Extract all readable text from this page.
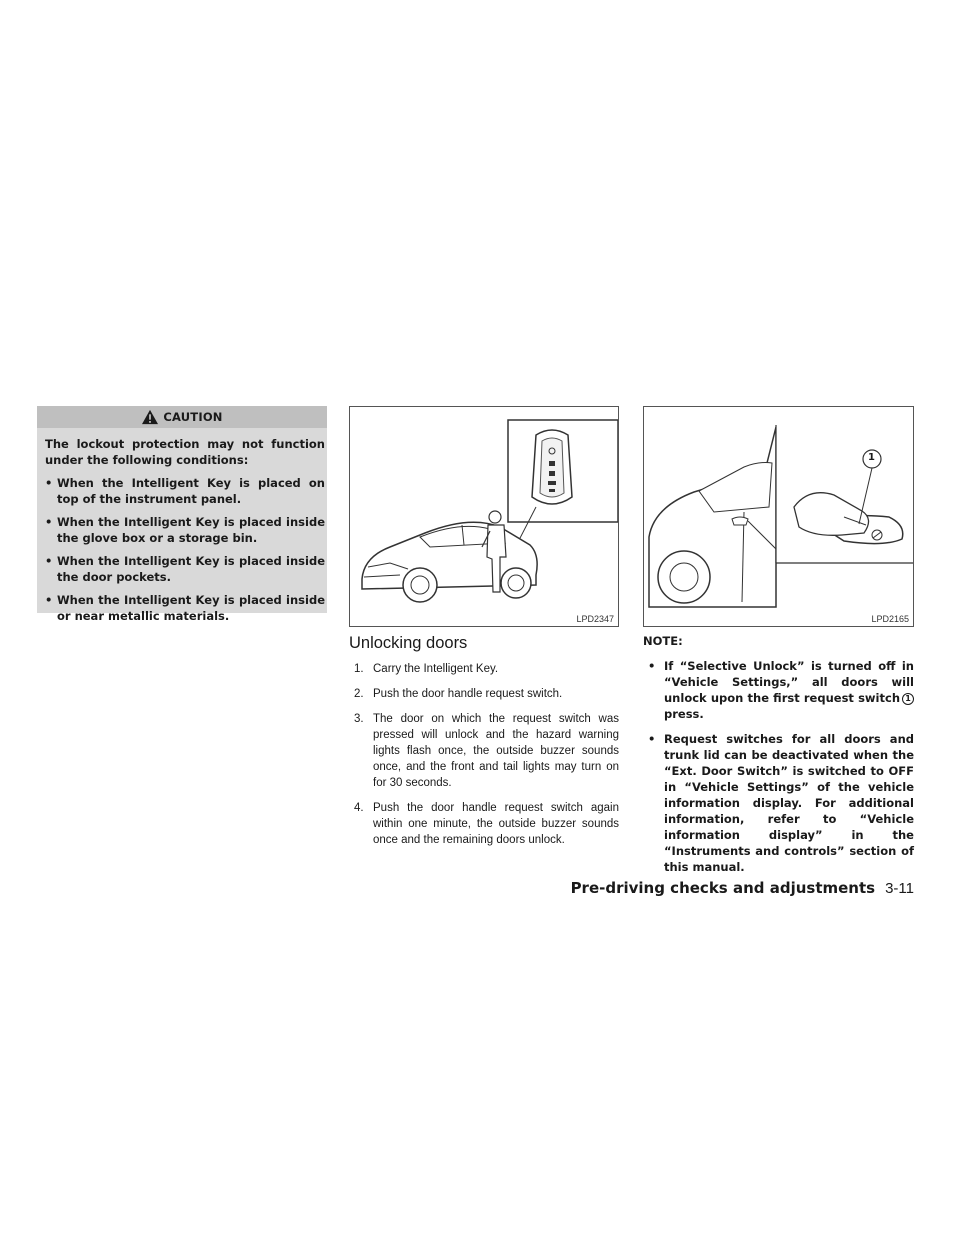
CAUTION
The lockout protection may not function under the following conditions:
• When the Intelligent Key is placed on top of the instrument panel.
• When the Intelligent Key is placed inside the glove box or a storage bin.
• When the Intelligent Key is placed inside the door pockets.
• When the Intelligent Key is placed inside or near metallic materials.	LPD2347
1
LPD2165
Unlocking doors
1. Carry the Intelligent Key.
2. Push the door handle request switch.
3. The door on which the request switch was pressed will unlock and the hazard warning lights flash once, the outside buzzer sounds once, and the front and tail lights may turn on for 30 seconds.
4. Push the door handle request switch again within one minute, the outside buzzer sounds once and the remaining doors unlock.
NOTE:
• If “Selective Unlock” is turned off in “Vehicle Settings,” all doors will unlock upon the first request switch 1 press.
• Request switches for all doors and trunk lid can be deactivated when the “Ext. Door Switch” is switched to OFF in “Vehicle Settings” of the vehicle information display. For additional information, refer to “Vehicle information display” in the “Instruments and controls” section of this manual.
Pre-driving checks and adjustments 3-11
